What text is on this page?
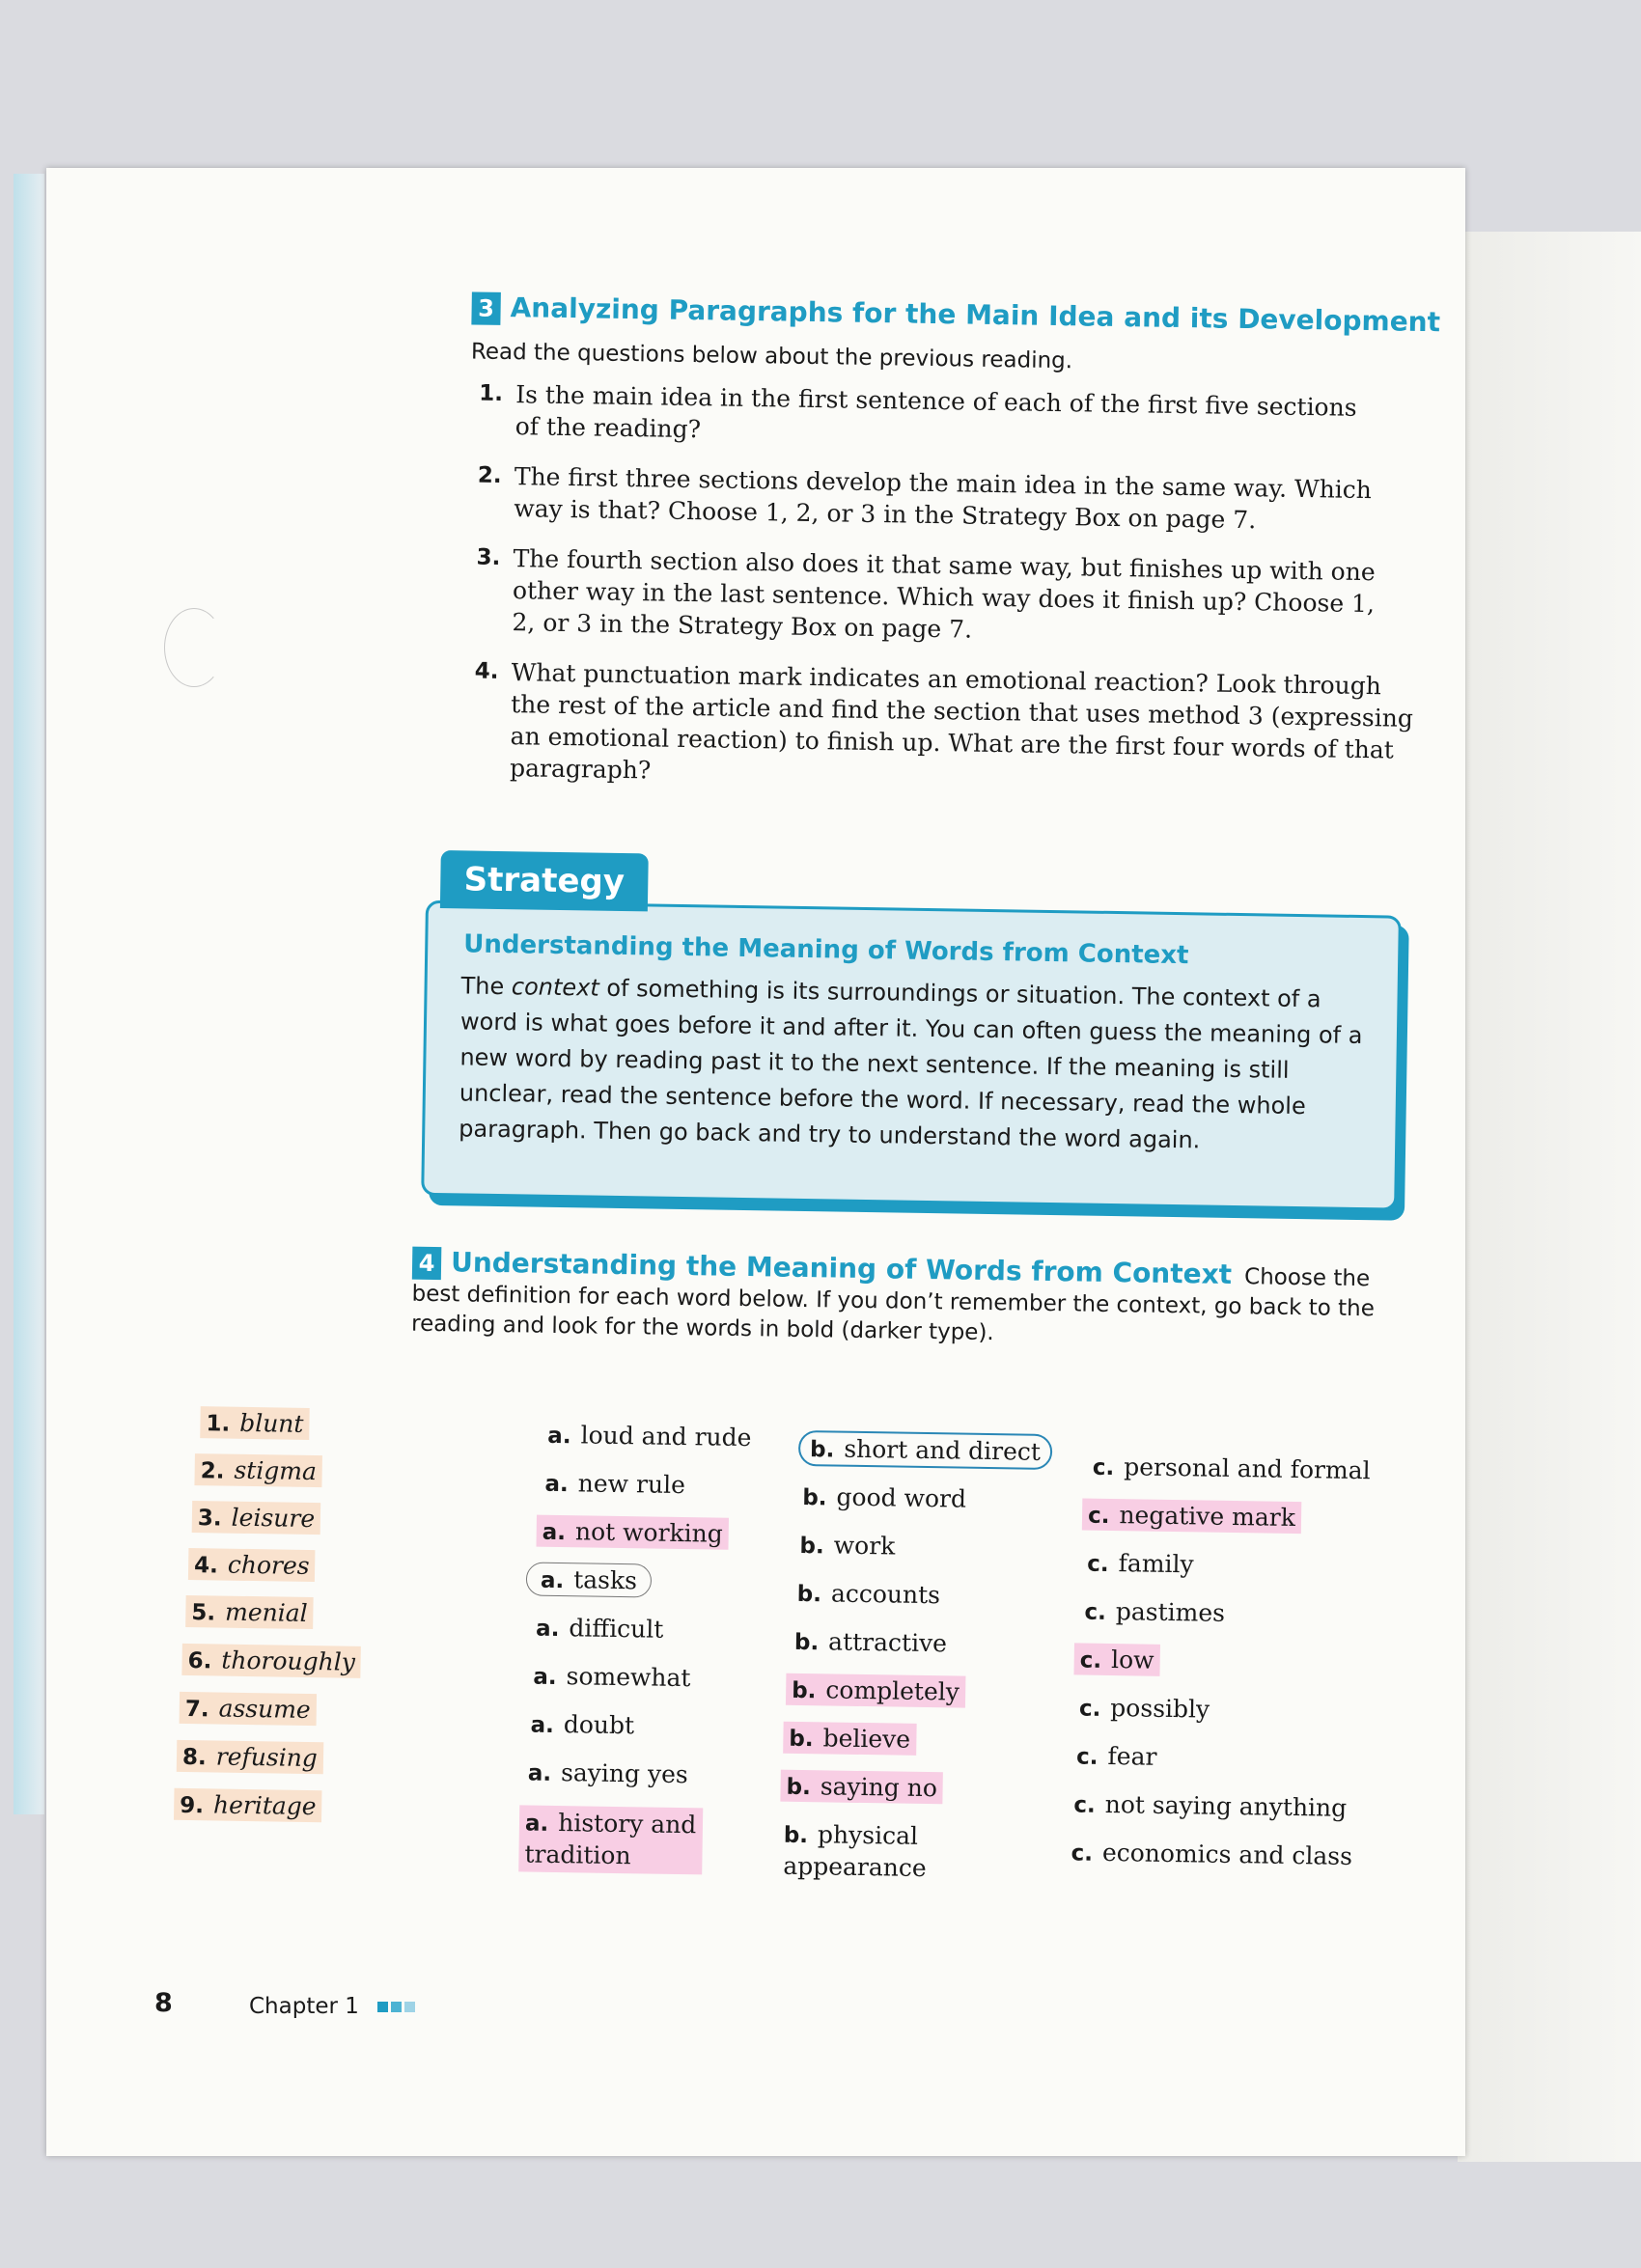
3 Analyzing Paragraphs for the Main Idea and its Development
Read the questions below about the previous reading.
1. Is the main idea in the first sentence of each of the first five sections of the reading?
2. The first three sections develop the main idea in the same way. Which way is that? Choose 1, 2, or 3 in the Strategy Box on page 7.
3. The fourth section also does it that same way, but finishes up with one other way in the last sentence. Which way does it finish up? Choose 1, 2, or 3 in the Strategy Box on page 7.
4. What punctuation mark indicates an emotional reaction? Look through the rest of the article and find the section that uses method 3 (expressing an emotional reaction) to finish up. What are the first four words of that paragraph?
Strategy
Understanding the Meaning of Words from Context
The context of something is its surroundings or situation. The context of a word is what goes before it and after it. You can often guess the meaning of a new word by reading past it to the next sentence. If the meaning is still unclear, read the sentence before the word. If necessary, read the whole paragraph. Then go back and try to understand the word again.
4 Understanding the Meaning of Words from Context Choose the best definition for each word below. If you don’t remember the context, go back to the reading and look for the words in bold (darker type).
1. blunt
2. stigma
3. leisure
4. chores
5. menial
6. thoroughly
7. assume
8. refusing
9. heritage
a. loud and rude
a. new rule
a. not working
a. tasks
a. difficult
a. somewhat
a. doubt
a. saying yes
a. history and tradition
b. short and direct
b. good word
b. work
b. accounts
b. attractive
b. completely
b. believe
b. saying no
b. physical appearance
c. personal and formal
c. negative mark
c. family
c. pastimes
c. low
c. possibly
c. fear
c. not saying anything
c. economics and class
8	Chapter 1
